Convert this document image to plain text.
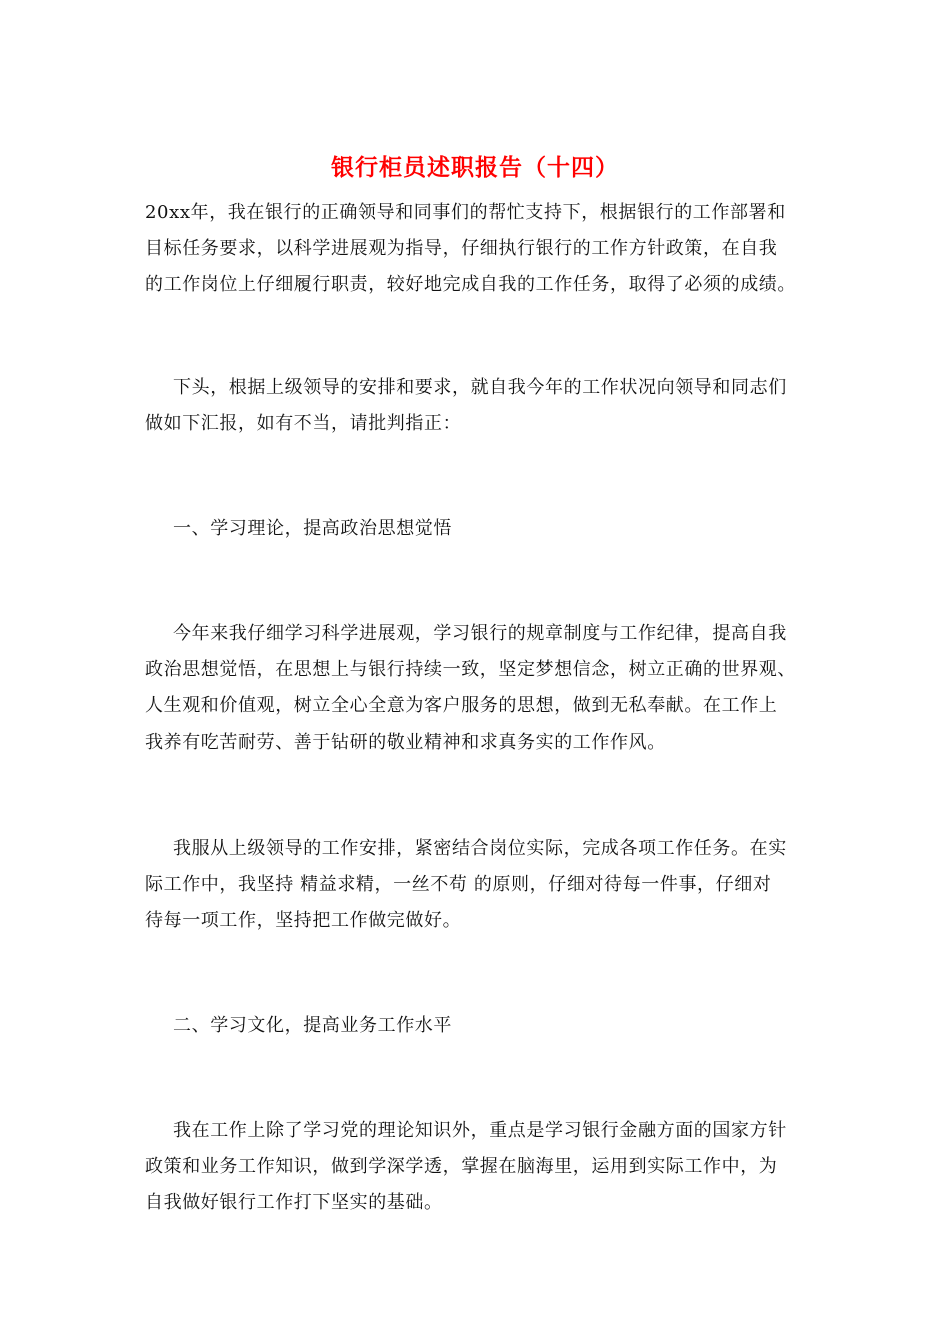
银行柜员述职报告（十四）
20xx年，我在银行的正确领导和同事们的帮忙支持下，根据银行的工作部署和
目标任务要求，以科学进展观为指导，仔细执行银行的工作方针政策，在自我
的工作岗位上仔细履行职责，较好地完成自我的工作任务，取得了必须的成绩。
下头，根据上级领导的安排和要求，就自我今年的工作状况向领导和同志们
做如下汇报，如有不当，请批判指正：
一、学习理论，提高政治思想觉悟
今年来我仔细学习科学进展观，学习银行的规章制度与工作纪律，提高自我
政治思想觉悟，在思想上与银行持续一致，坚定梦想信念，树立正确的世界观、
人生观和价值观，树立全心全意为客户服务的思想，做到无私奉献。在工作上
我养有吃苦耐劳、善于钻研的敬业精神和求真务实的工作作风。
我服从上级领导的工作安排，紧密结合岗位实际，完成各项工作任务。在实
际工作中，我坚持 精益求精，一丝不苟 的原则，仔细对待每一件事，仔细对
待每一项工作，坚持把工作做完做好。
二、学习文化，提高业务工作水平
我在工作上除了学习党的理论知识外，重点是学习银行金融方面的国家方针
政策和业务工作知识，做到学深学透，掌握在脑海里，运用到实际工作中，为
自我做好银行工作打下坚实的基础。
